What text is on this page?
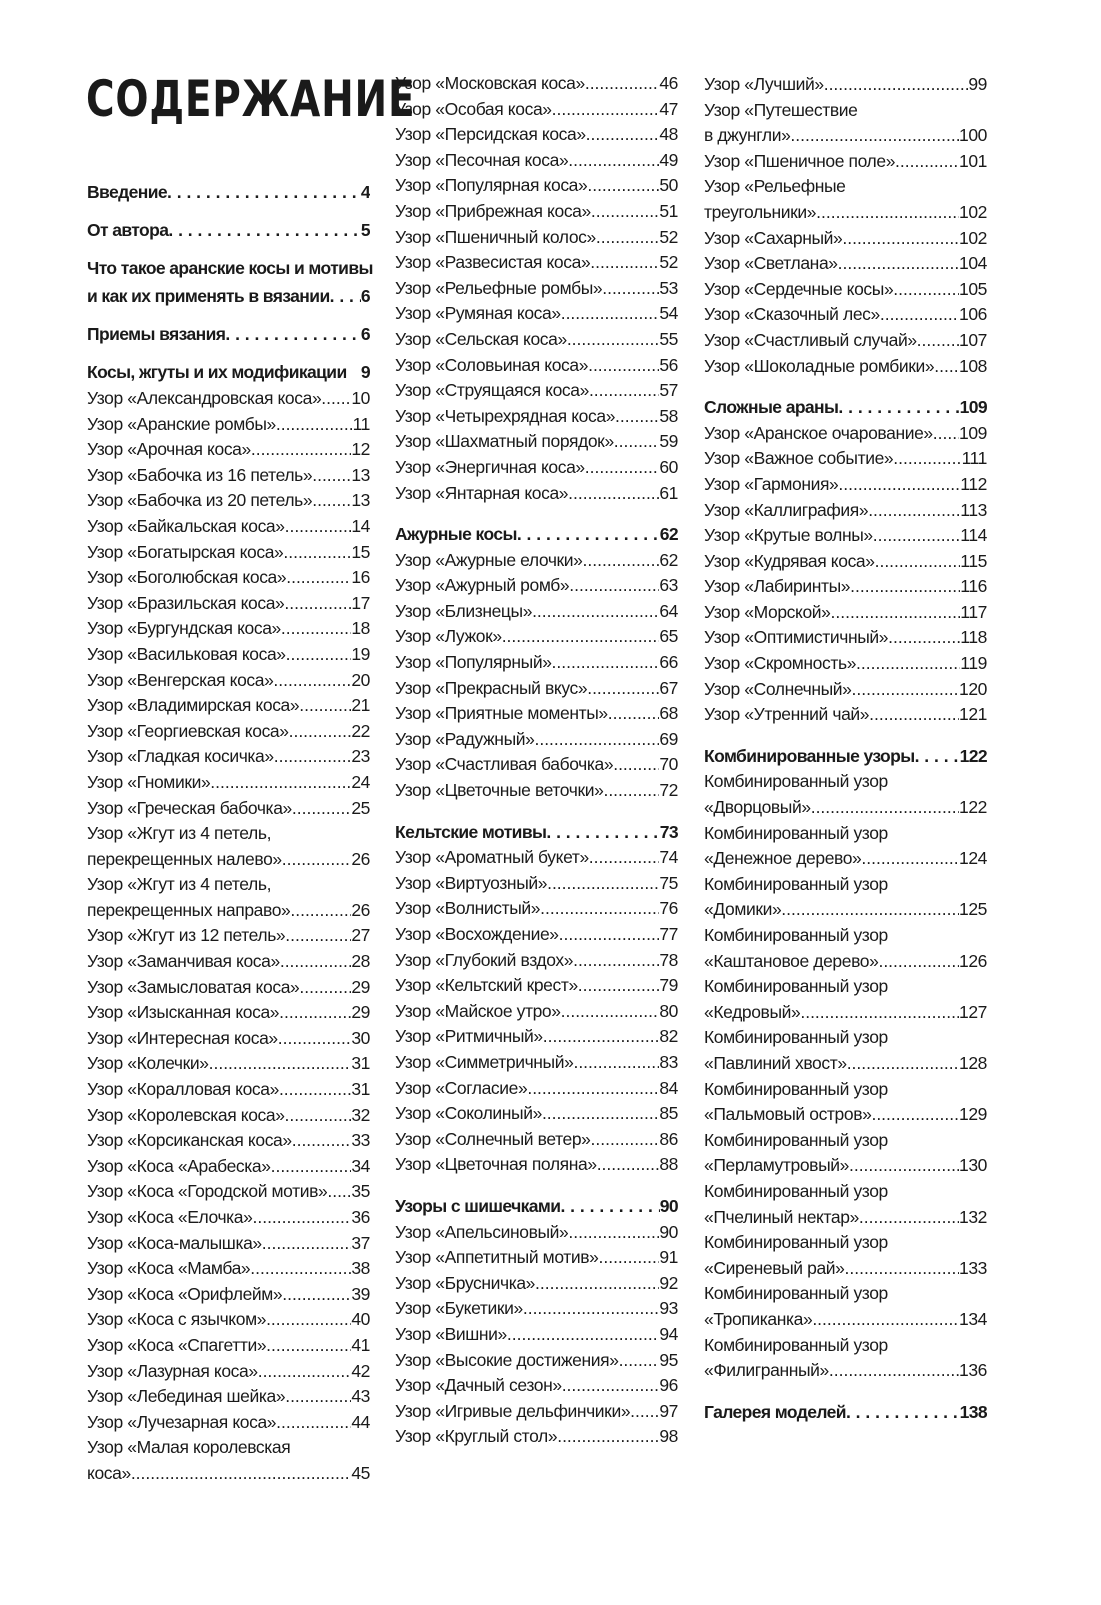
СОДЕРЖАНИЕ
Введение . . .	4
От автора . . .	5
Что такое аранские косы и мотивы
и как их применять в вязании . . . 6
Приемы вязания . . .	6
Косы, жгуты и их модификации 9
Узор «Александровская коса» ..... 10
Узор «Аранские ромбы» .....	11
Узор «Арочная коса» .....	12
Узор «Бабочка из 16 петель» ..... 13
Узор «Бабочка из 20 петель» ..... 13
Узор «Байкальская коса» .....	14
Узор «Богатырская коса» .....	15
Узор «Боголюбская коса» .....	16
Узор «Бразильская коса» .....	17
Узор «Бургундская коса» .....	18
Узор «Васильковая коса» .....	19
Узор «Венгерская коса» .....	20
Узор «Владимирская коса» .....	21
Узор «Георгиевская коса» .....	22
Узор «Гладкая косичка» .....	23
Узор «Гномики» .....	24
Узор «Греческая бабочка» .....	25
Узор «Жгут из 4 петель,
перекрещенных налево» .....	26
Узор «Жгут из 4 петель,
перекрещенных направо» .....	26
Узор «Жгут из 12 петель» .....	27
Узор «Заманчивая коса» .....	28
Узор «Замысловатая коса» .....	29
Узор «Изысканная коса» .....	29
Узор «Интересная коса» .....	30
Узор «Колечки» .....	31
Узор «Коралловая коса» .....	31
Узор «Королевская коса» .....	32
Узор «Корсиканская коса» .....	33
Узор «Коса «Арабеска» .....	34
Узор «Коса «Городской мотив» ..... 35
Узор «Коса «Елочка» .....	36
Узор «Коса-малышка» .....	37
Узор «Коса «Мамба» .....	38
Узор «Коса «Орифлейм» .....	39
Узор «Коса с язычком» .....	40
Узор «Коса «Спагетти» .....	41
Узор «Лазурная коса» .....	42
Узор «Лебединая шейка» .....	43
Узор «Лучезарная коса» .....	44
Узор «Малая королевская
коса» .....	45
Узор «Московская коса» .....	46
Узор «Особая коса» .....	47
Узор «Персидская коса» .....	48
Узор «Песочная коса» .....	49
Узор «Популярная коса» .....	50
Узор «Прибрежная коса» .....	51
Узор «Пшеничный колос» .....	52
Узор «Развесистая коса» .....	52
Узор «Рельефные ромбы» .....	53
Узор «Румяная коса» .....	54
Узор «Сельская коса» .....	55
Узор «Соловьиная коса» .....	56
Узор «Струящаяся коса» .....	57
Узор «Четырехрядная коса» .....	58
Узор «Шахматный порядок» .....	59
Узор «Энергичная коса» .....	60
Узор «Янтарная коса» .....	61
Ажурные косы . . .	62
Узор «Ажурные елочки» .....	62
Узор «Ажурный ромб» .....	63
Узор «Близнецы» .....	64
Узор «Лужок» .....	65
Узор «Популярный» .....	66
Узор «Прекрасный вкус» .....	67
Узор «Приятные моменты» .....	68
Узор «Радужный» .....	69
Узор «Счастливая бабочка» .....	70
Узор «Цветочные веточки» .....	72
Кельтские мотивы . . .	73
Узор «Ароматный букет» .....	74
Узор «Виртуозный» .....	75
Узор «Волнистый» .....	76
Узор «Восхождение» .....	77
Узор «Глубокий вздох» .....	78
Узор «Кельтский крест» .....	79
Узор «Майское утро» .....	80
Узор «Ритмичный» .....	82
Узор «Симметричный» .....	83
Узор «Согласие» .....	84
Узор «Соколиный» .....	85
Узор «Солнечный ветер» .....	86
Узор «Цветочная поляна» .....	88
Узоры с шишечками . . .	90
Узор «Апельсиновый» .....	90
Узор «Аппетитный мотив» .....	91
Узор «Брусничка» .....	92
Узор «Букетики» .....	93
Узор «Вишни» .....	94
Узор «Высокие достижения» ..... 95
Узор «Дачный сезон» .....	96
Узор «Игривые дельфинчики» ..... 97
Узор «Круглый стол» .....	98
Узор «Лучший» .....	99
Узор «Путешествие
в джунгли» .....	100
Узор «Пшеничное поле» .....	101
Узор «Рельефные
треугольники» .....	102
Узор «Сахарный» .....	102
Узор «Светлана» .....	104
Узор «Сердечные косы» .....	105
Узор «Сказочный лес» .....	106
Узор «Счастливый случай» ..... 107
Узор «Шоколадные ромбики» ..... 108
Сложные араны . . .	109
Узор «Аранское очарование» ..... 109
Узор «Важное событие» .....	111
Узор «Гармония» .....	112
Узор «Каллиграфия» .....	113
Узор «Крутые волны» .....	114
Узор «Кудрявая коса» .....	115
Узор «Лабиринты» .....	116
Узор «Морской» .....	117
Узор «Оптимистичный» .....	118
Узор «Скромность» .....	119
Узор «Солнечный» .....	120
Узор «Утренний чай» .....	121
Комбинированные узоры . . .	122
Комбинированный узор
«Дворцовый» .....	122
Комбинированный узор
«Денежное дерево» .....	124
Комбинированный узор
«Домики» .....	125
Комбинированный узор
«Каштановое дерево» .....	126
Комбинированный узор
«Кедровый» .....	127
Комбинированный узор
«Павлиний хвост» .....	128
Комбинированный узор
«Пальмовый остров» .....	129
Комбинированный узор
«Перламутровый» .....	130
Комбинированный узор
«Пчелиный нектар» .....	132
Комбинированный узор
«Сиреневый рай» .....	133
Комбинированный узор
«Тропиканка» .....	134
Комбинированный узор
«Филигранный» .....	136
Галерея моделей . . .	138
